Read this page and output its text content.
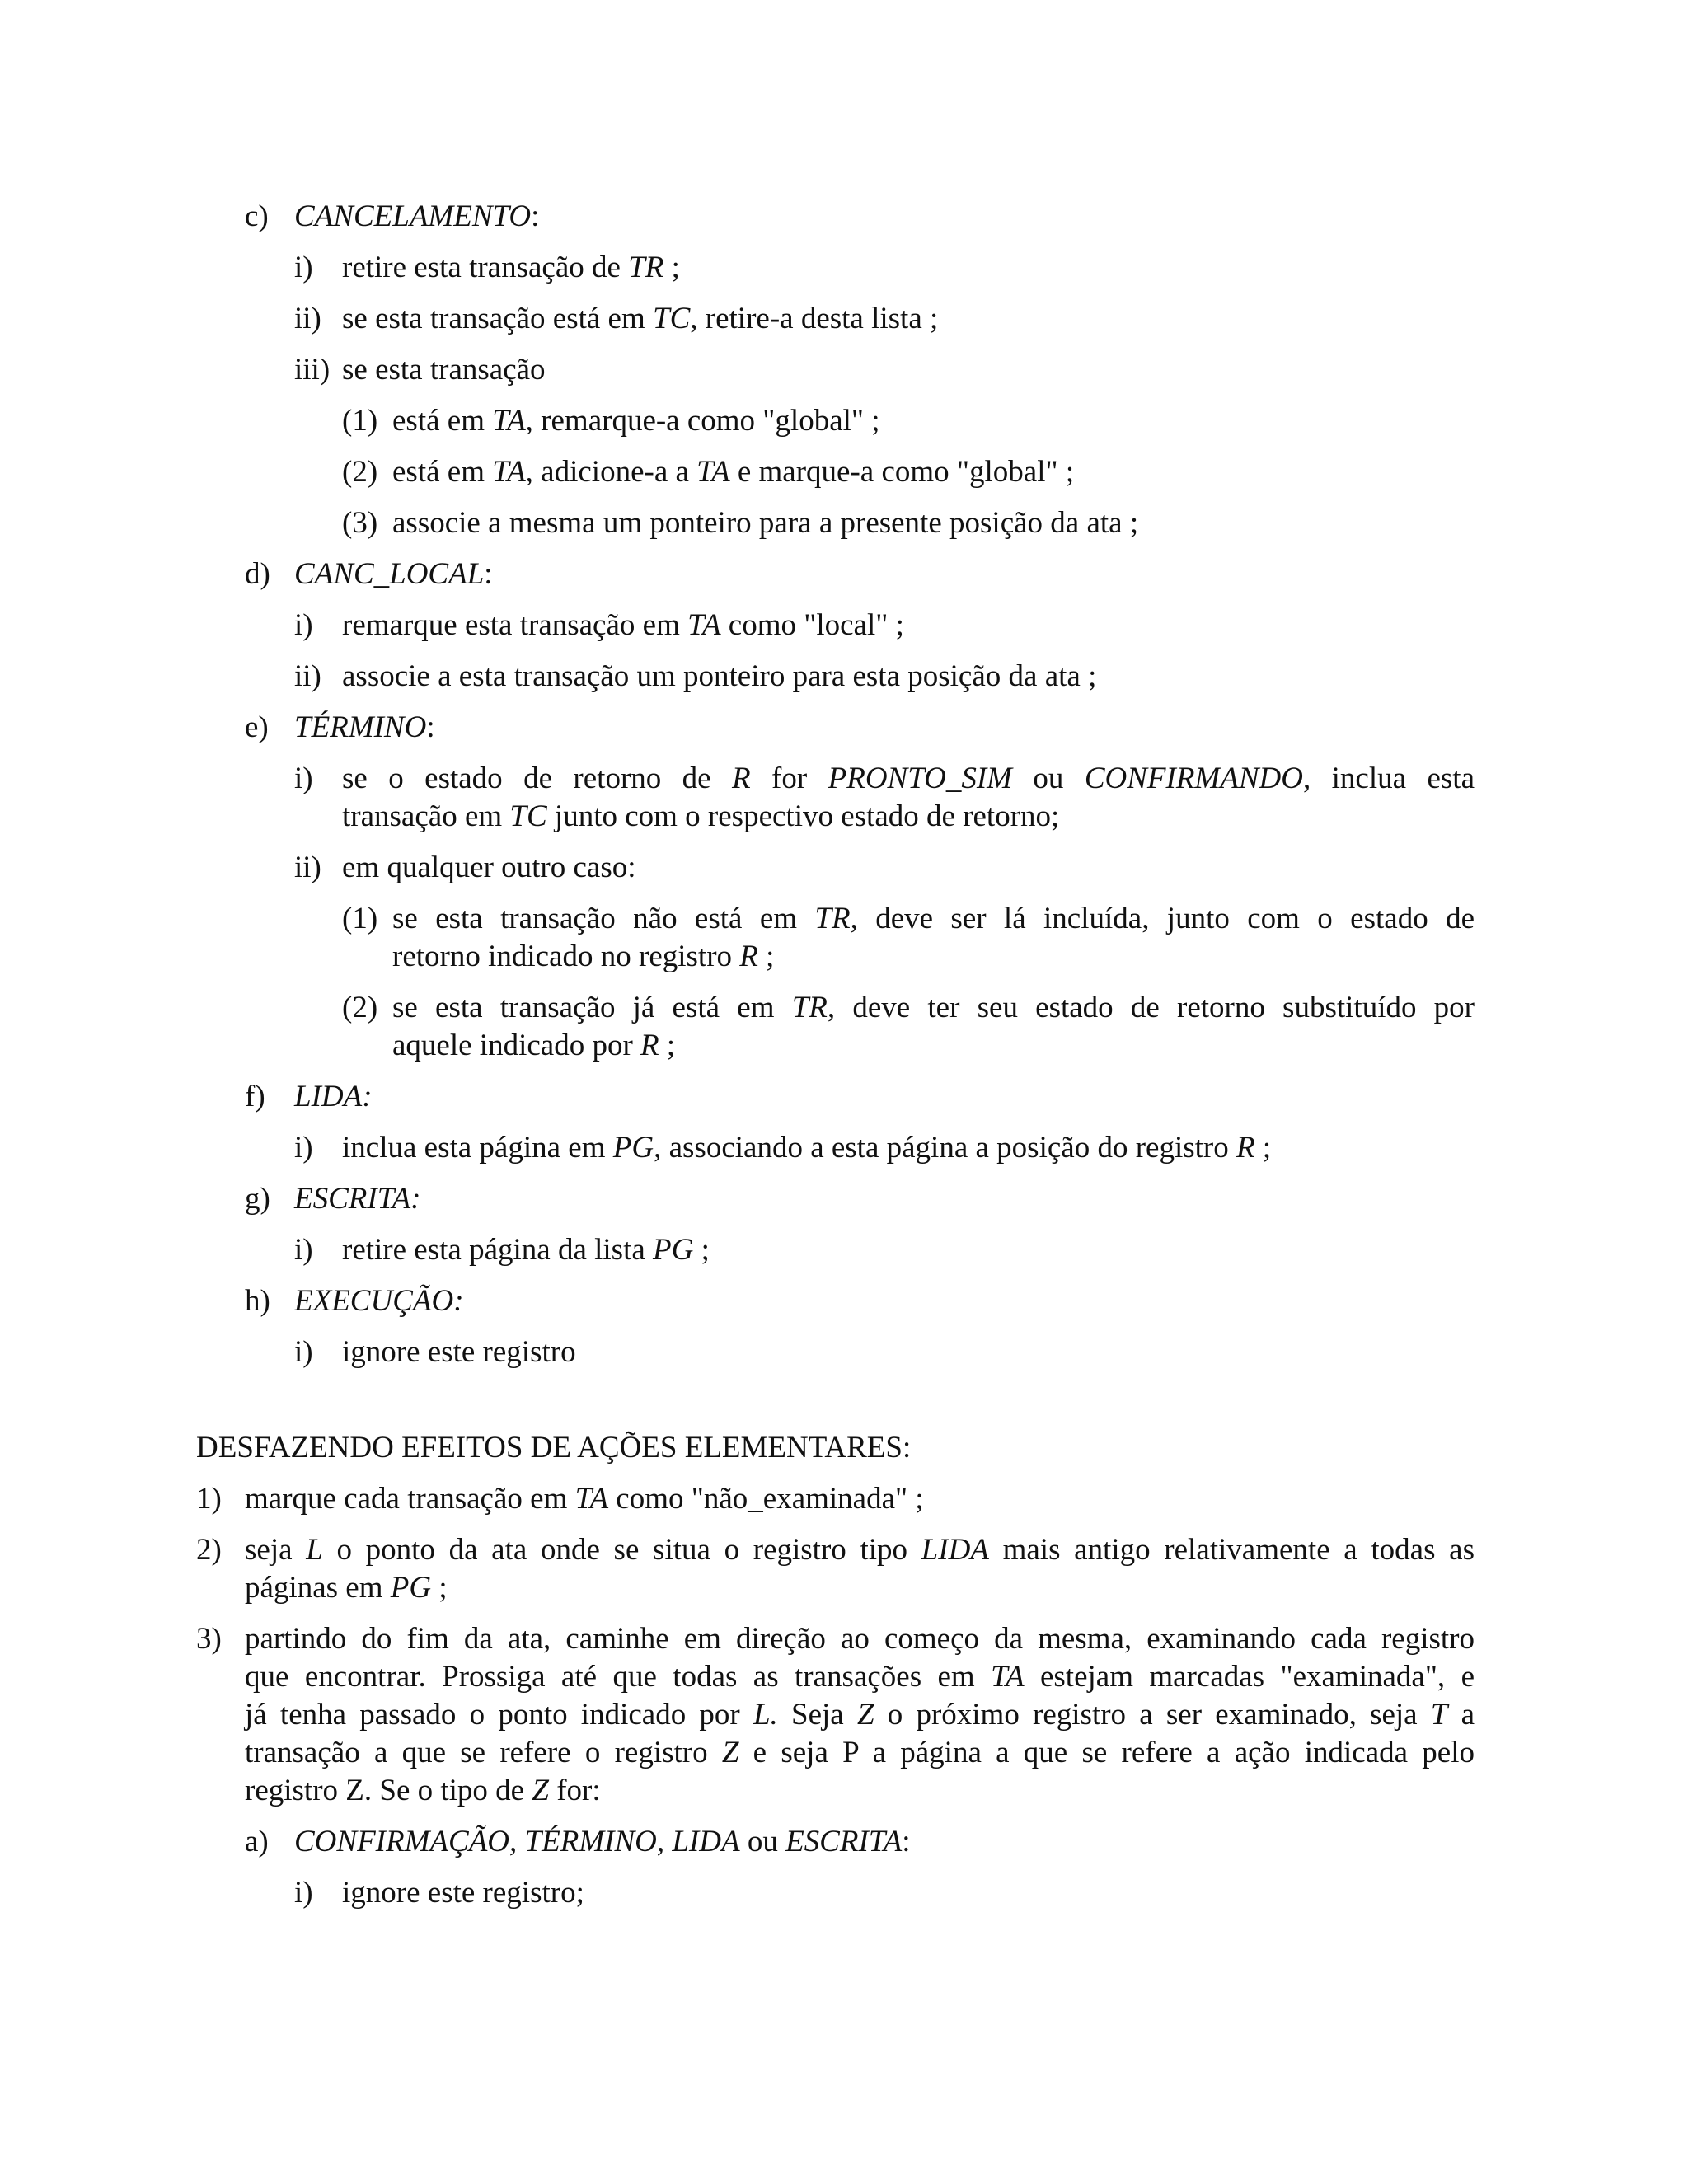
c) CANCELAMENTO:

i) retire esta transação de TR ;

ii) se esta transação está em TC, retire-a desta lista ;

iii) se esta transação

(1) está em TA, remarque-a como "global" ;

(2) está em TA, adicione-a a TA e marque-a como "global" ;

(3) associe a mesma um ponteiro para a presente posição da ata ;

d) CANC_LOCAL:

i) remarque esta transação em TA como "local" ;

ii) associe a esta transação um ponteiro para esta posição da ata ;

e) TÉRMINO:

i) se o estado de retorno de R for PRONTO_SIM ou CONFIRMANDO, inclua esta

transação em TC junto com o respectivo estado de retorno;

ii) em qualquer outro caso:

(1) se esta transação não está em TR, deve ser lá incluída, junto com o estado de

retorno indicado no registro R ;

(2) se esta transação já está em TR, deve ter seu estado de retorno substituído por

aquele indicado por R ;

f) LIDA:

i) inclua esta página em PG, associando a esta página a posição do registro R ;

g) ESCRITA:

i) retire esta página da lista PG ;

h) EXECUÇÃO:

i) ignore este registro

DESFAZENDO EFEITOS DE AÇÕES ELEMENTARES:

1) marque cada transação em TA como "não_examinada" ;

2) seja L o ponto da ata onde se situa o registro tipo LIDA mais antigo relativamente a todas as

páginas em PG ;

3) partindo do fim da ata, caminhe em direção ao começo da mesma, examinando cada registro

que encontrar. Prossiga até que todas as transações em TA estejam marcadas "examinada", e

já tenha passado o ponto indicado por L. Seja Z o próximo registro a ser examinado, seja T a

transação a que se refere o registro Z e seja P a página a que se refere a ação indicada pelo

registro Z. Se o tipo de Z for:

a) CONFIRMAÇÃO, TÉRMINO, LIDA ou ESCRITA:

i) ignore este registro;
